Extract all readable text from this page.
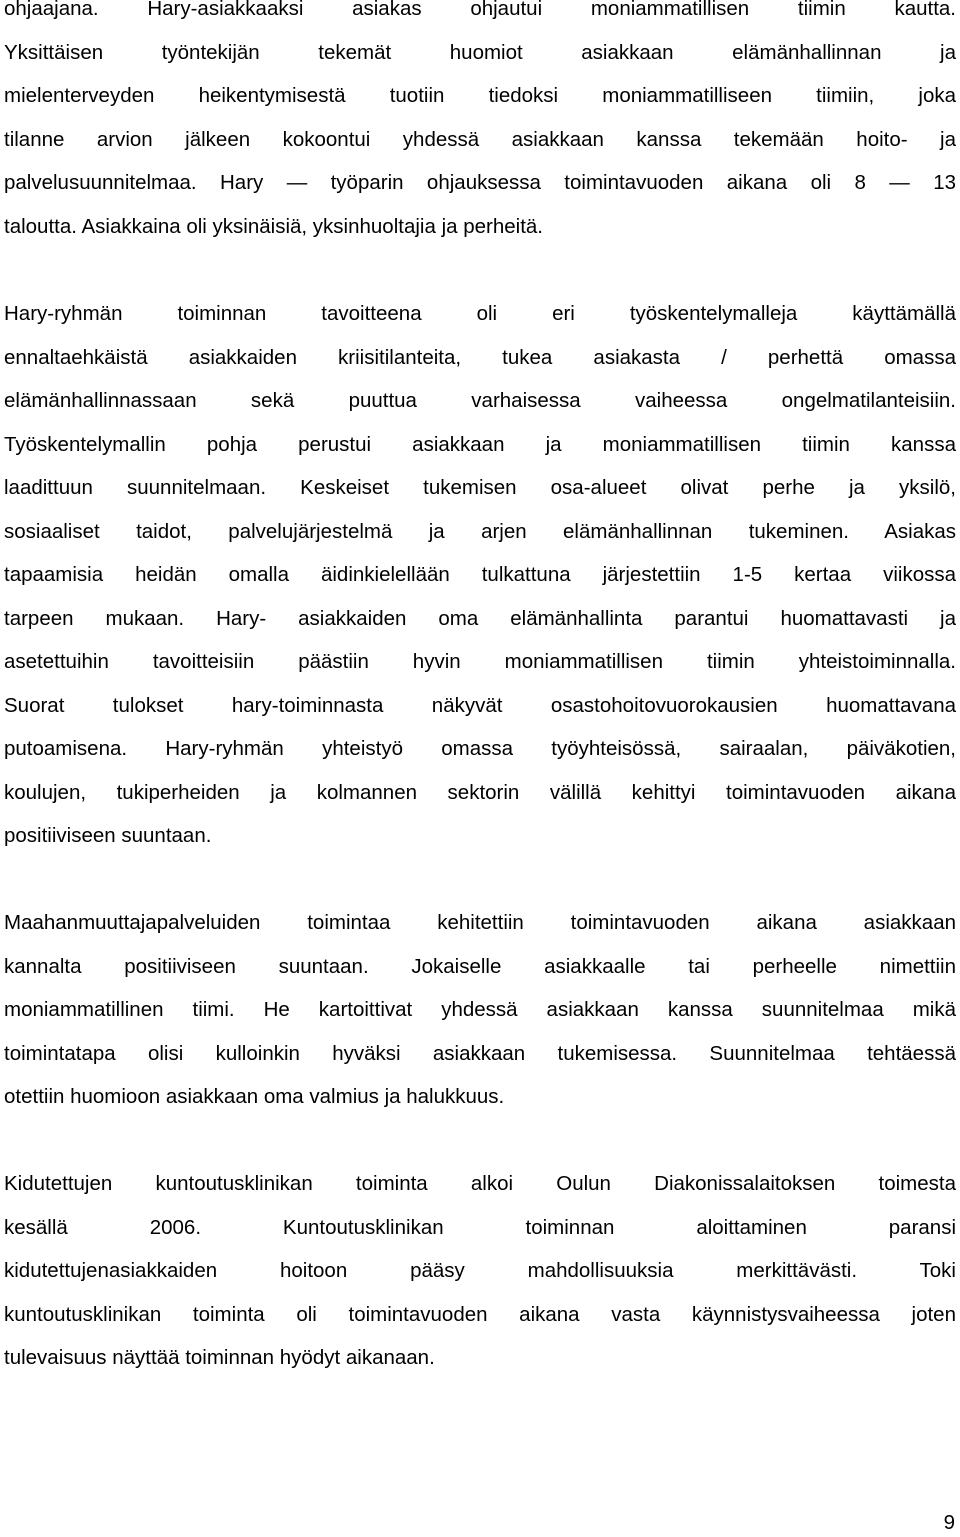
ohjaajana. Hary-asiakkaaksi asiakas ohjautui moniammatillisen tiimin kautta.
Yksittäisen työntekijän tekemät huomiot asiakkaan elämänhallinnan ja
mielenterveyden heikentymisestä tuotiin tiedoksi moniammatilliseen tiimiin, joka
tilanne arvion jälkeen kokoontui yhdessä asiakkaan kanssa tekemään hoito- ja
palvelusuunnitelmaa. Hary — työparin ohjauksessa toimintavuoden aikana oli 8 — 13
taloutta. Asiakkaina oli yksinäisiä, yksinhuoltajia ja perheitä.
Hary-ryhmän toiminnan tavoitteena oli eri työskentelymalleja käyttämällä
ennaltaehkäistä asiakkaiden kriisitilanteita, tukea asiakasta / perhettä omassa
elämänhallinnassaan sekä puuttua varhaisessa vaiheessa ongelmatilanteisiin.
Työskentelymallin pohja perustui asiakkaan ja moniammatillisen tiimin kanssa
laadittuun suunnitelmaan. Keskeiset tukemisen osa-alueet olivat perhe ja yksilö,
sosiaaliset taidot, palvelujärjestelmä ja arjen elämänhallinnan tukeminen. Asiakas
tapaamisia heidän omalla äidinkielellään tulkattuna järjestettiin 1-5 kertaa viikossa
tarpeen mukaan. Hary- asiakkaiden oma elämänhallinta parantui huomattavasti ja
asetettuihin tavoitteisiin päästiin hyvin moniammatillisen tiimin yhteistoiminnalla.
Suorat tulokset hary-toiminnasta näkyvät osastohoitovuorokausien huomattavana
putoamisena. Hary-ryhmän yhteistyö omassa työyhteisössä, sairaalan, päiväkotien,
koulujen, tukiperheiden ja kolmannen sektorin välillä kehittyi toimintavuoden aikana
positiiviseen suuntaan.
Maahanmuuttajapalveluiden toimintaa kehitettiin toimintavuoden aikana asiakkaan
kannalta positiiviseen suuntaan. Jokaiselle asiakkaalle tai perheelle nimettiin
moniammatillinen tiimi. He kartoittivat yhdessä asiakkaan kanssa suunnitelmaa mikä
toimintatapa olisi kulloinkin hyväksi asiakkaan tukemisessa. Suunnitelmaa tehtäessä
otettiin huomioon asiakkaan oma valmius ja halukkuus.
Kidutettujen kuntoutusklinikan toiminta alkoi Oulun Diakonissalaitoksen toimesta
kesällä 2006. Kuntoutusklinikan toiminnan aloittaminen paransi
kidutettujenasiakkaiden hoitoon pääsy mahdollisuuksia merkittävästi. Toki
kuntoutusklinikan toiminta oli toimintavuoden aikana vasta käynnistysvaiheessa joten
tulevaisuus näyttää toiminnan hyödyt aikanaan.
9
